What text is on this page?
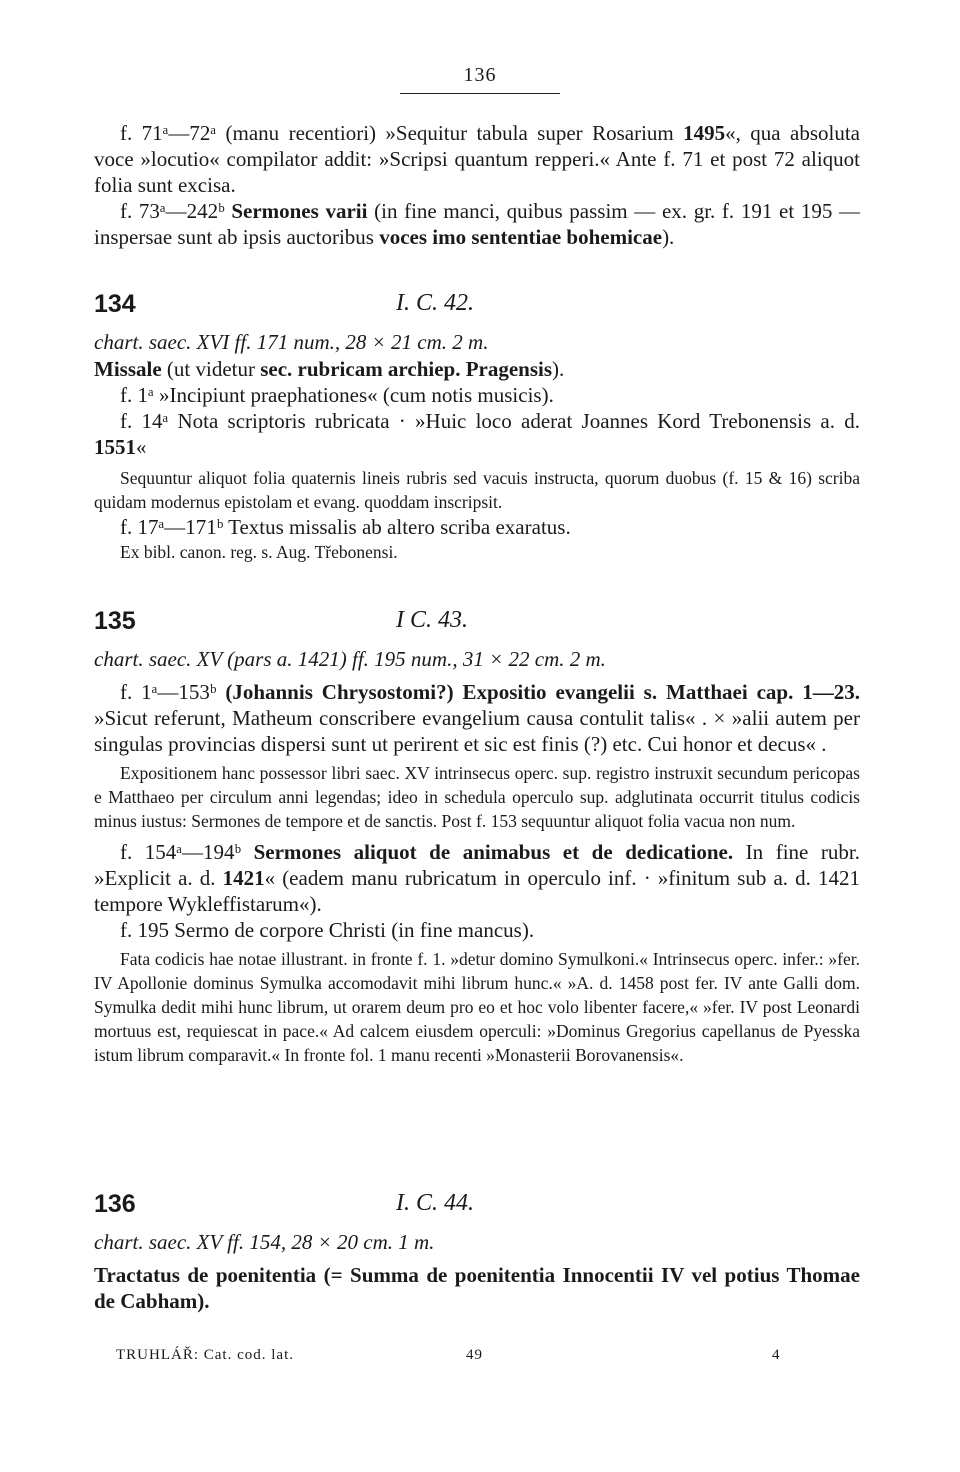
136

f. 71ᵃ—72ᵃ (manu recentiori) »Sequitur tabula super Rosarium 1495«, qua absoluta voce »locutio« compilator addit: »Scripsi quantum repperi.« Ante f. 71 et post 72 aliquot folia sunt excisa.

f. 73ᵃ—242ᵇ Sermones varii (in fine manci, quibus passim — ex. gr. f. 191 et 195 — inspersae sunt ab ipsis auctoribus voces imo sententiae bohemicae).

134	I. C. 42.

chart. saec. XVI ff. 171 num., 28 × 21 cm. 2 m.

Missale (ut videtur sec. rubricam archiep. Pragensis).

f. 1ᵃ »Incipiunt praephationes« (cum notis musicis).

f. 14ᵃ Nota scriptoris rubricata · »Huic loco aderat Joannes Kord Trebonensis a. d. 1551«

Sequuntur aliquot folia quaternis lineis rubris sed vacuis instructa, quorum duobus (f. 15 & 16) scriba quidam modernus epistolam et evang. quoddam inscripsit.

f. 17ᵃ—171ᵇ Textus missalis ab altero scriba exaratus.

Ex bibl. canon. reg. s. Aug. Třebonensi.

135	I C. 43.

chart. saec. XV (pars a. 1421) ff. 195 num., 31 × 22 cm. 2 m.

f. 1ᵃ—153ᵇ (Johannis Chrysostomi?) Expositio evangelii s. Matthaei cap. 1—23. »Sicut referunt, Matheum conscribere evangelium causa contulit talis« . × »alii autem per singulas provincias dispersi sunt ut perirent et sic est finis (?) etc. Cui honor et decus« .

Expositionem hanc possessor libri saec. XV intrinsecus operc. sup. registro instruxit secundum pericopas e Matthaeo per circulum anni legendas; ideo in schedula operculo sup. adglutinata occurrit titulus codicis minus iustus: Sermones de tempore et de sanctis. Post f. 153 sequuntur aliquot folia vacua non num.

f. 154ᵃ—194ᵇ Sermones aliquot de animabus et de dedicatione. In fine rubr. »Explicit a. d. 1421« (eadem manu rubricatum in operculo inf. · »finitum sub a. d. 1421 tempore Wykleffistarum«).

f. 195 Sermo de corpore Christi (in fine mancus).

Fata codicis hae notae illustrant. in fronte f. 1. »detur domino Symulkoni.« Intrinsecus operc. infer.: »fer. IV Apollonie dominus Symulka accomodavit mihi librum hunc.« »A. d. 1458 post fer. IV ante Galli dom. Symulka dedit mihi hunc librum, ut orarem deum pro eo et hoc volo libenter facere,« »fer. IV post Leonardi mortuus est, requiescat in pace.« Ad calcem eiusdem operculi: »Dominus Gregorius capellanus de Pyesska istum librum comparavit.« In fronte fol. 1 manu recenti »Monasterii Borovanensis«.

136	I. C. 44.

chart. saec. XV ff. 154, 28 × 20 cm. 1 m.

Tractatus de poenitentia (= Summa de poenitentia Innocentii IV vel potius Thomae de Cabham).

TRUHLÁŘ: Cat. cod. lat.	49	4
